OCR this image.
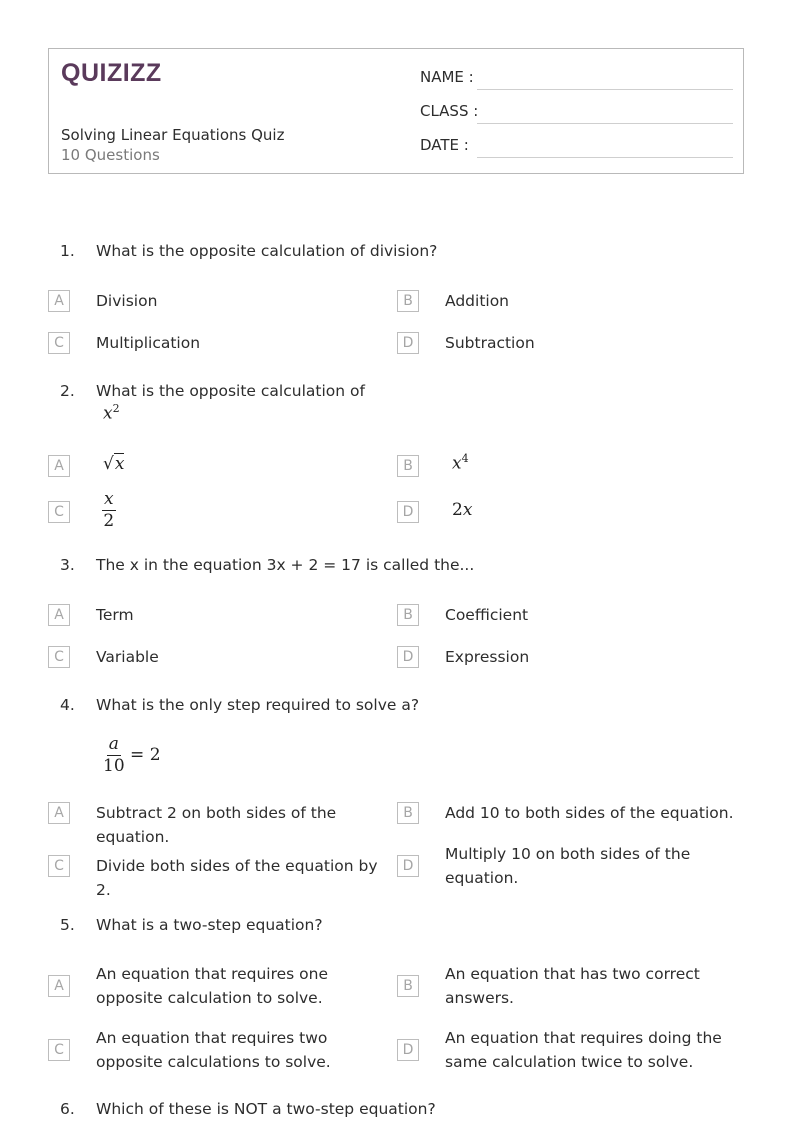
QUIZIZZ
Solving Linear Equations Quiz
10 Questions
NAME :
CLASS :
DATE :
1. What is the opposite calculation of division?
A	Division	B	Addition
C	Multiplication	D	Subtraction
2. What is the opposite calculation of
$x^2$
A	√x	B	$x^4$
C	$\frac{x}{2}$	D	2x
3. The x in the equation 3x + 2 = 17 is called the...
A	Term	B	Coefficient
C	Variable	D	Expression
4. What is the only step required to solve a?
$\frac{a}{10} = 2$
A	Subtract 2 on both sides of the equation.
B	Add 10 to both sides of the equation.
C	Divide both sides of the equation by 2.
D
Multiply 10 on both sides of the equation.
5. What is a two-step equation?
A
An equation that requires one opposite calculation to solve.
B
An equation that has two correct answers.
C
An equation that requires two opposite calculations to solve.
D
An equation that requires doing the same calculation twice to solve.
6. Which of these is NOT a two-step equation?
